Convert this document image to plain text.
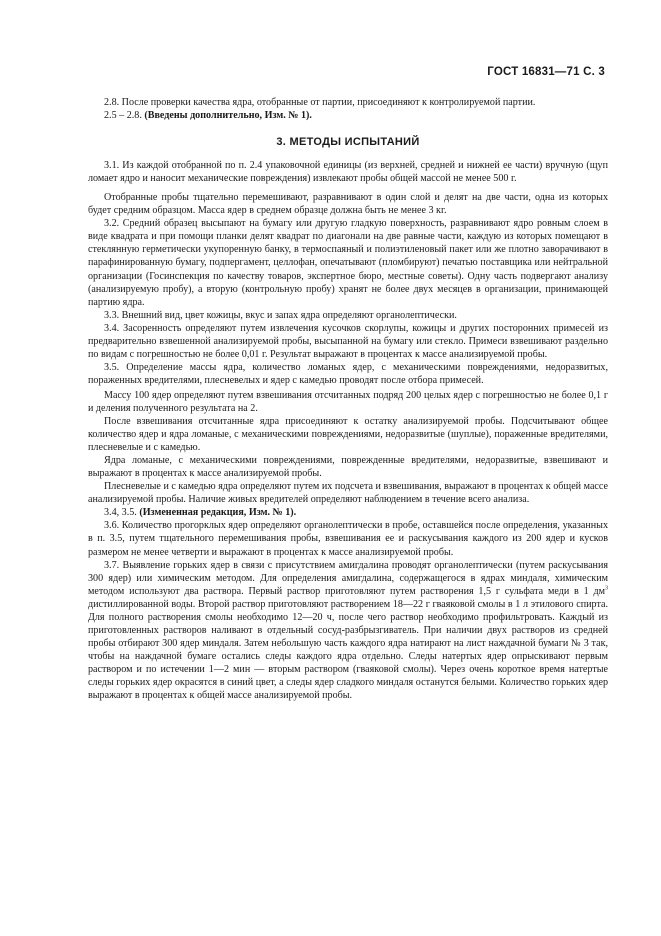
ГОСТ 16831—71 С. 3

2.8. После проверки качества ядра, отобранные от партии, присоединяют к контролируемой партии.

2.5 – 2.8. (Введены дополнительно, Изм. № 1).

3. МЕТОДЫ ИСПЫТАНИЙ

3.1. Из каждой отобранной по п. 2.4 упаковочной единицы (из верхней, средней и нижней ее части) вручную (щуп ломает ядро и наносит механические повреждения) извлекают пробы общей массой не менее 500 г.

Отобранные пробы тщательно перемешивают, разравнивают в один слой и делят на две части, одна из которых будет средним образцом. Масса ядер в среднем образце должна быть не менее 3 кг.

3.2. Средний образец высыпают на бумагу или другую гладкую поверхность, разравнивают ядро ровным слоем в виде квадрата и при помощи планки делят квадрат по диагонали на две равные части, каждую из которых помещают в стеклянную герметически укупоренную банку, в термоспаяный и полиэтиленовый пакет или же плотно заворачивают в парафинированную бумагу, подпергамент, целлофан, опечатывают (пломбируют) печатью поставщика или нейтральной организации (Госинспекция по качеству товаров, экспертное бюро, местные советы). Одну часть подвергают анализу (анализируемую пробу), а вторую (контрольную пробу) хранят не более двух месяцев в организации, принимающей партию ядра.

3.3. Внешний вид, цвет кожицы, вкус и запах ядра определяют органолептически.

3.4. Засоренность определяют путем извлечения кусочков скорлупы, кожицы и других посторонних примесей из предварительно взвешенной анализируемой пробы, высыпанной на бумагу или стекло. Примеси взвешивают раздельно по видам с погрешностью не более 0,01 г. Результат выражают в процентах к массе анализируемой пробы.

3.5. Определение массы ядра, количество ломаных ядер, с механическими повреждениями, недоразвитых, пораженных вредителями, плесневелых и ядер с камедью проводят после отбора примесей.

Массу 100 ядер определяют путем взвешивания отсчитанных подряд 200 целых ядер с погрешностью не более 0,1 г и деления полученного результата на 2.

После взвешивания отсчитанные ядра присоединяют к остатку анализируемой пробы. Подсчитывают общее количество ядер и ядра ломаные, с механическими повреждениями, недоразвитые (шуплые), пораженные вредителями, плесневелые и с камедью.

Ядра ломаные, с механическими повреждениями, поврежденные вредителями, недоразвитые, взвешивают и выражают в процентах к массе анализируемой пробы.

Плесневелые и с камедью ядра определяют путем их подсчета и взвешивания, выражают в процентах к общей массе анализируемой пробы. Наличие живых вредителей определяют наблюдением в течение всего анализа.

3.4, 3.5. (Измененная редакция, Изм. № 1).

3.6. Количество прогорклых ядер определяют органолептически в пробе, оставшейся после определения, указанных в п. 3.5, путем тщательного перемешивания пробы, взвешивания ее и раскусывания каждого из 200 ядер и кусков размером не менее четверти и выражают в процентах к массе анализируемой пробы.

3.7. Выявление горьких ядер в связи с присутствием амигдалина проводят органолептически (путем раскусывания 300 ядер) или химическим методом. Для определения амигдалина, содержащегося в ядрах миндаля, химическим методом используют два раствора. Первый раствор приготовляют путем растворения 1,5 г сульфата меди в 1 $дм^3$ дистиллированной воды. Второй раствор приготовляют растворением 18—22 г гваяковой смолы в 1 л этилового спирта. Для полного растворения смолы необходимо 12—20 ч, после чего раствор необходимо профильтровать. Каждый из приготовленных растворов наливают в отдельный сосуд-разбрызгиватель. При наличии двух растворов из средней пробы отбирают 300 ядер миндаля. Затем небольшую часть каждого ядра натирают на лист наждачной бумаги № 3 так, чтобы на наждачной бумаге остались следы каждого ядра отдельно. Следы натертых ядер опрыскивают первым раствором и по истечении 1—2 мин — вторым раствором (гваяковой смолы). Через очень короткое время натертые следы горьких ядер окрасятся в синий цвет, а следы ядер сладкого миндаля останутся белыми. Количество горьких ядер выражают в процентах к общей массе анализируемой пробы.
